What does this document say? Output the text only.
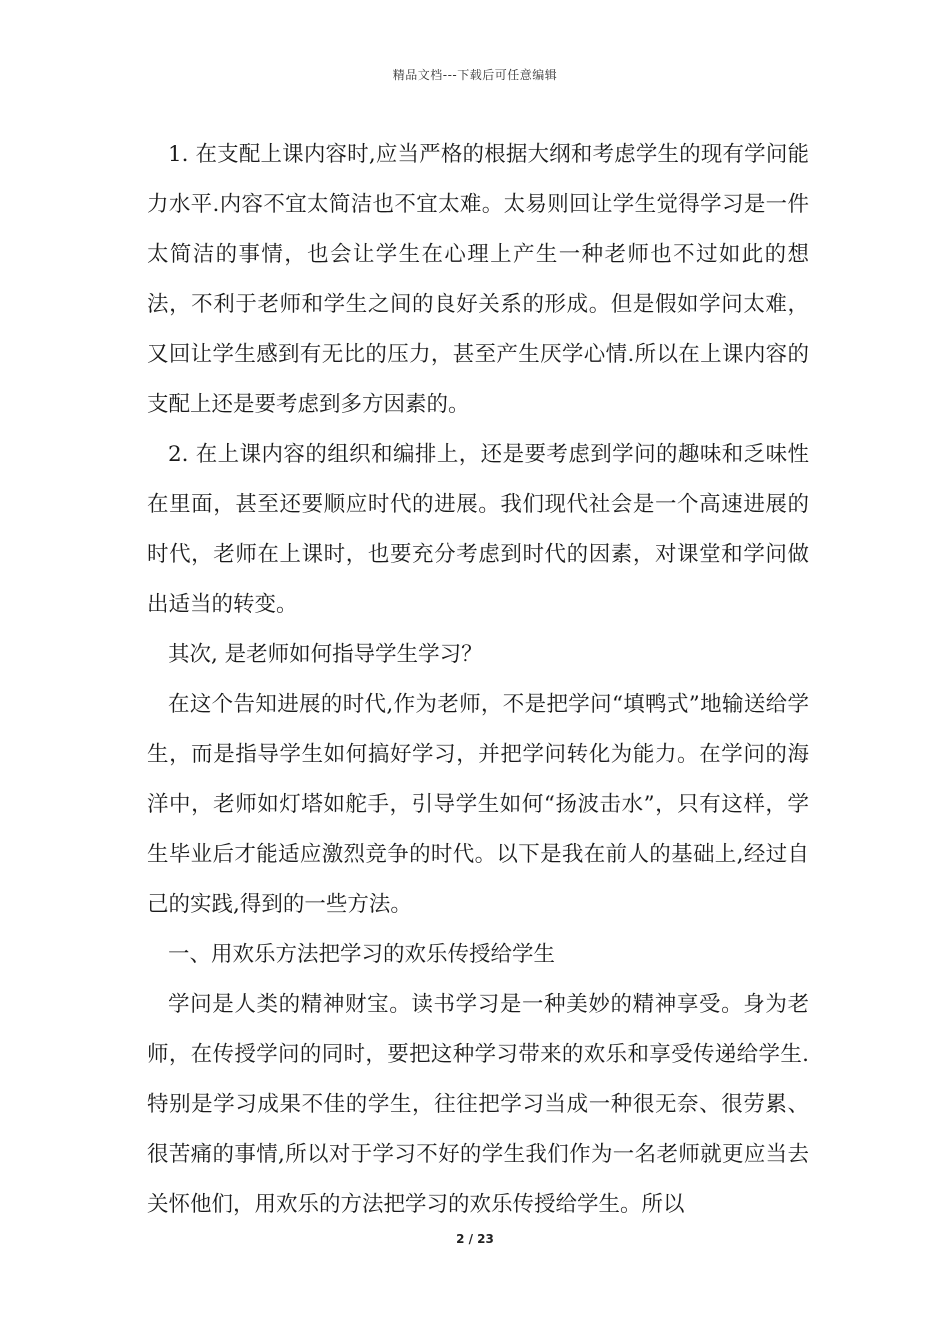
精品文档---下载后可任意编辑

1. 在支配上课内容时,应当严格的根据大纲和考虑学生的现有学问能力水平.内容不宜太简洁也不宜太难。太易则回让学生觉得学习是一件太简洁的事情，也会让学生在心理上产生一种老师也不过如此的想法，不利于老师和学生之间的良好关系的形成。但是假如学问太难，又回让学生感到有无比的压力，甚至产生厌学心情.所以在上课内容的支配上还是要考虑到多方因素的。

2. 在上课内容的组织和编排上，还是要考虑到学问的趣味和乏味性在里面，甚至还要顺应时代的进展。我们现代社会是一个高速进展的时代，老师在上课时，也要充分考虑到时代的因素，对课堂和学问做出适当的转变。

其次, 是老师如何指导学生学习？

在这个告知进展的时代,作为老师，不是把学问“填鸭式”地输送给学生，而是指导学生如何搞好学习，并把学问转化为能力。在学问的海洋中，老师如灯塔如舵手，引导学生如何“扬波击水”，只有这样，学生毕业后才能适应激烈竞争的时代。以下是我在前人的基础上,经过自己的实践,得到的一些方法。

一、用欢乐方法把学习的欢乐传授给学生

学问是人类的精神财宝。读书学习是一种美妙的精神享受。身为老师，在传授学问的同时，要把这种学习带来的欢乐和享受传递给学生.特别是学习成果不佳的学生，往往把学习当成一种很无奈、很劳累、很苦痛的事情,所以对于学习不好的学生我们作为一名老师就更应当去关怀他们，用欢乐的方法把学习的欢乐传授给学生。所以

2 / 23
